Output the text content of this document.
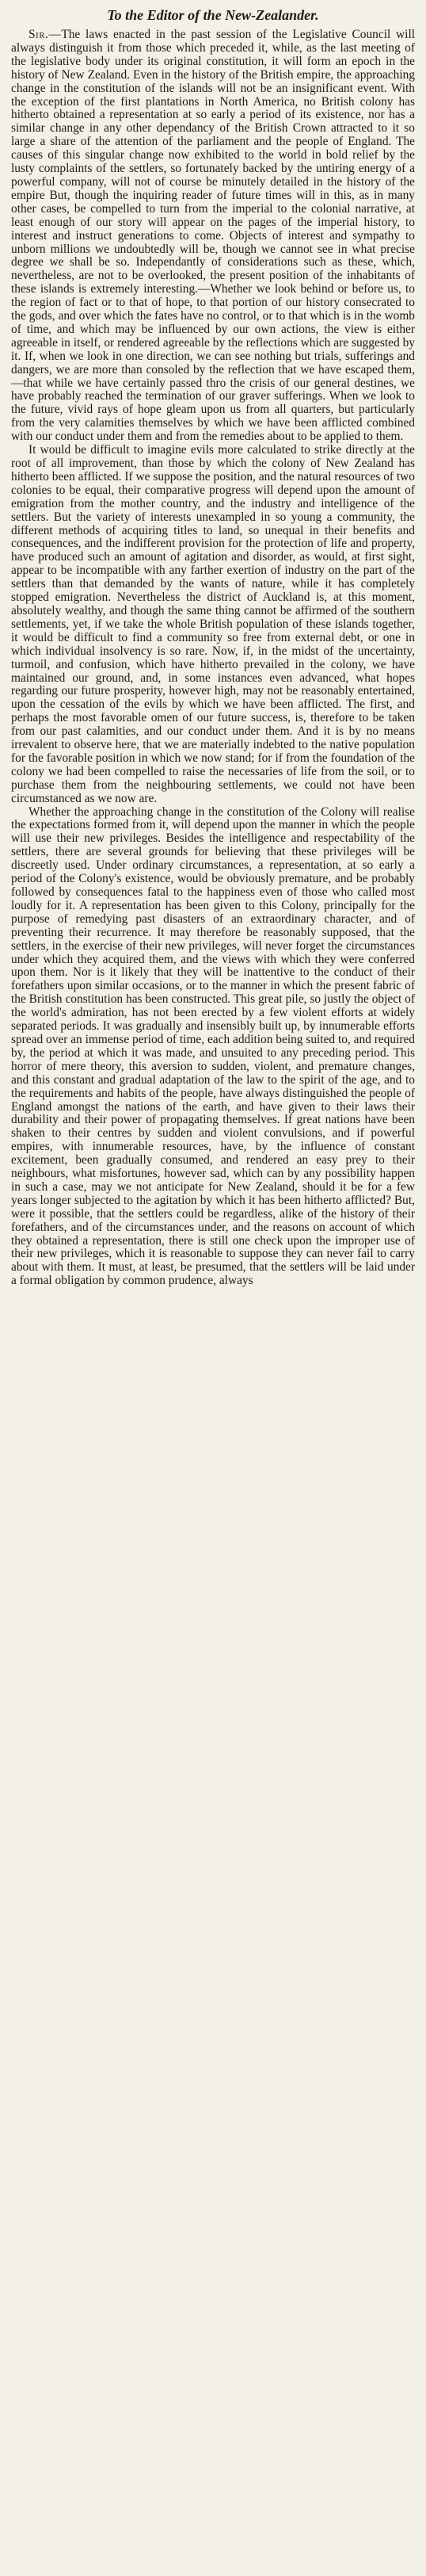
To the Editor of the New-Zealander.

Sir.—The laws enacted in the past session of the Legislative Council will always distinguish it from those which preceded it, while, as the last meeting of the legislative body under its original constitution, it will form an epoch in the history of New Zealand. Even in the history of the British empire, the approaching change in the constitution of the islands will not be an insignificant event. With the exception of the first plantations in North America, no British colony has hitherto obtained a representation at so early a period of its existence, nor has a similar change in any other dependancy of the British Crown attracted to it so large a share of the attention of the parliament and the people of England. The causes of this singular change now exhibited to the world in bold relief by the lusty complaints of the settlers, so fortunately backed by the untiring energy of a powerful company, will not of course be minutely detailed in the history of the empire But, though the inquiring reader of future times will in this, as in many other cases, be compelled to turn from the imperial to the colonial narrative, at least enough of our story will appear on the pages of the imperial history, to interest and instruct generations to come. Objects of interest and sympathy to unborn millions we undoubtedly will be, though we cannot see in what precise degree we shall be so. Independantly of considerations such as these, which, nevertheless, are not to be overlooked, the present position of the inhabitants of these islands is extremely interesting.—Whether we look behind or before us, to the region of fact or to that of hope, to that portion of our history consecrated to the gods, and over which the fates have no control, or to that which is in the womb of time, and which may be influenced by our own actions, the view is either agreeable in itself, or rendered agreeable by the reflections which are suggested by it. If, when we look in one direction, we can see nothing but trials, sufferings and dangers, we are more than consoled by the reflection that we have escaped them,—that while we have certainly passed thro the crisis of our general destines, we have probably reached the termination of our graver sufferings. When we look to the future, vivid rays of hope gleam upon us from all quarters, but particularly from the very calamities themselves by which we have been afflicted combined with our conduct under them and from the remedies about to be applied to them.

It would be difficult to imagine evils more calculated to strike directly at the root of all improvement, than those by which the colony of New Zealand has hitherto been afflicted. If we suppose the position, and the natural resources of two colonies to be equal, their comparative progress will depend upon the amount of emigration from the mother country, and the industry and intelligence of the settlers. But the variety of interests unexampled in so young a community, the different methods of acquiring titles to land, so unequal in their benefits and consequences, and the indifferent provision for the protection of life and property, have produced such an amount of agitation and disorder, as would, at first sight, appear to be incompatible with any farther exertion of industry on the part of the settlers than that demanded by the wants of nature, while it has completely stopped emigration. Nevertheless the district of Auckland is, at this moment, absolutely wealthy, and though the same thing cannot be affirmed of the southern settlements, yet, if we take the whole British population of these islands together, it would be difficult to find a community so free from external debt, or one in which individual insolvency is so rare. Now, if, in the midst of the uncertainty, turmoil, and confusion, which have hitherto prevailed in the colony, we have maintained our ground, and, in some instances even advanced, what hopes regarding our future prosperity, however high, may not be reasonably entertained, upon the cessation of the evils by which we have been afflicted. The first, and perhaps the most favorable omen of our future success, is, therefore to be taken from our past calamities, and our conduct under them. And it is by no means irrevalent to observe here, that we are materially indebted to the native population for the favorable position in which we now stand; for if from the foundation of the colony we had been compelled to raise the necessaries of life from the soil, or to purchase them from the neighbouring settlements, we could not have been circumstanced as we now are.

Whether the approaching change in the constitution of the Colony will realise the expectations formed from it, will depend upon the manner in which the people will use their new privileges. Besides the intelligence and respectability of the settlers, there are several grounds for believing that these privileges will be discreetly used. Under ordinary circumstances, a representation, at so early a period of the Colony's existence, would be obviously premature, and be probably followed by consequences fatal to the happiness even of those who called most loudly for it. A representation has been given to this Colony, principally for the purpose of remedying past disasters of an extraordinary character, and of preventing their recurrence. It may therefore be reasonably supposed, that the settlers, in the exercise of their new privileges, will never forget the circumstances under which they acquired them, and the views with which they were conferred upon them. Nor is it likely that they will be inattentive to the conduct of their forefathers upon similar occasions, or to the manner in which the present fabric of the British constitution has been constructed. This great pile, so justly the object of the world's admiration, has not been erected by a few violent efforts at widely separated periods. It was gradually and insensibly built up, by innumerable efforts spread over an immense period of time, each addition being suited to, and required by, the period at which it was made, and unsuited to any preceding period. This horror of mere theory, this aversion to sudden, violent, and premature changes, and this constant and gradual adaptation of the law to the spirit of the age, and to the requirements and habits of the people, have always distinguished the people of England amongst the nations of the earth, and have given to their laws their durability and their power of propagating themselves. If great nations have been shaken to their centres by sudden and violent convulsions, and if powerful empires, with innumerable resources, have, by the influence of constant excitement, been gradually consumed, and rendered an easy prey to their neighbours, what misfortunes, however sad, which can by any possibility happen in such a case, may we not anticipate for New Zealand, should it be for a few years longer subjected to the agitation by which it has been hitherto afflicted? But, were it possible, that the settlers could be regardless, alike of the history of their forefathers, and of the circumstances under, and the reasons on account of which they obtained a representation, there is still one check upon the improper use of their new privileges, which it is reasonable to suppose they can never fail to carry about with them. It must, at least, be presumed, that the settlers will be laid under a formal obligation by common prudence, always
